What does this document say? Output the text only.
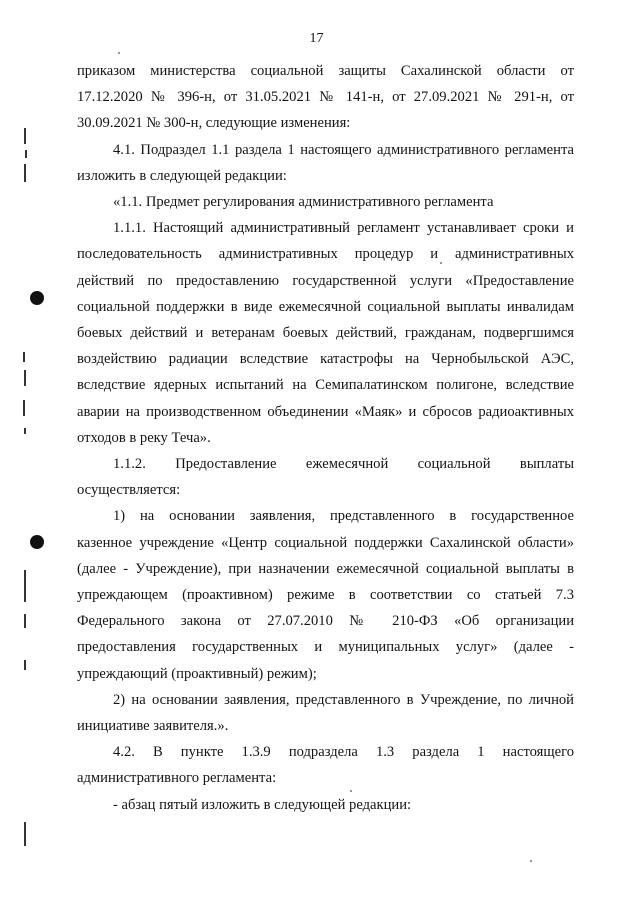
17
приказом министерства социальной защиты Сахалинской области от
17.12.2020 № 396-н, от 31.05.2021 № 141-н, от 27.09.2021 № 291-н, от
30.09.2021 № 300-н, следующие изменения:
4.1. Подраздел 1.1 раздела 1 настоящего административного регламента
изложить в следующей редакции:
«1.1. Предмет регулирования административного регламента
1.1.1. Настоящий административный регламент устанавливает сроки и
последовательность административных процедур и административных
действий по предоставлению государственной услуги «Предоставление
социальной поддержки в виде ежемесячной социальной выплаты инвалидам
боевых действий и ветеранам боевых действий, гражданам, подвергшимся
воздействию радиации вследствие катастрофы на Чернобыльской АЭС,
вследствие ядерных испытаний на Семипалатинском полигоне, вследствие
аварии на производственном объединении «Маяк» и сбросов радиоактивных
отходов в реку Теча».
1.1.2. Предоставление ежемесячной социальной выплаты
осуществляется:
1) на основании заявления, представленного в государственное
казенное учреждение «Центр социальной поддержки Сахалинской области»
(далее - Учреждение), при назначении ежемесячной социальной выплаты в
упреждающем (проактивном) режиме в соответствии со статьей 7.3
Федерального закона от 27.07.2010 № 210-ФЗ «Об организации
предоставления государственных и муниципальных услуг» (далее -
упреждающий (проактивный) режим);
2) на основании заявления, представленного в Учреждение, по личной
инициативе заявителя.».
4.2. В пункте 1.3.9 подраздела 1.3 раздела 1 настоящего
административного регламента:
- абзац пятый изложить в следующей редакции:
